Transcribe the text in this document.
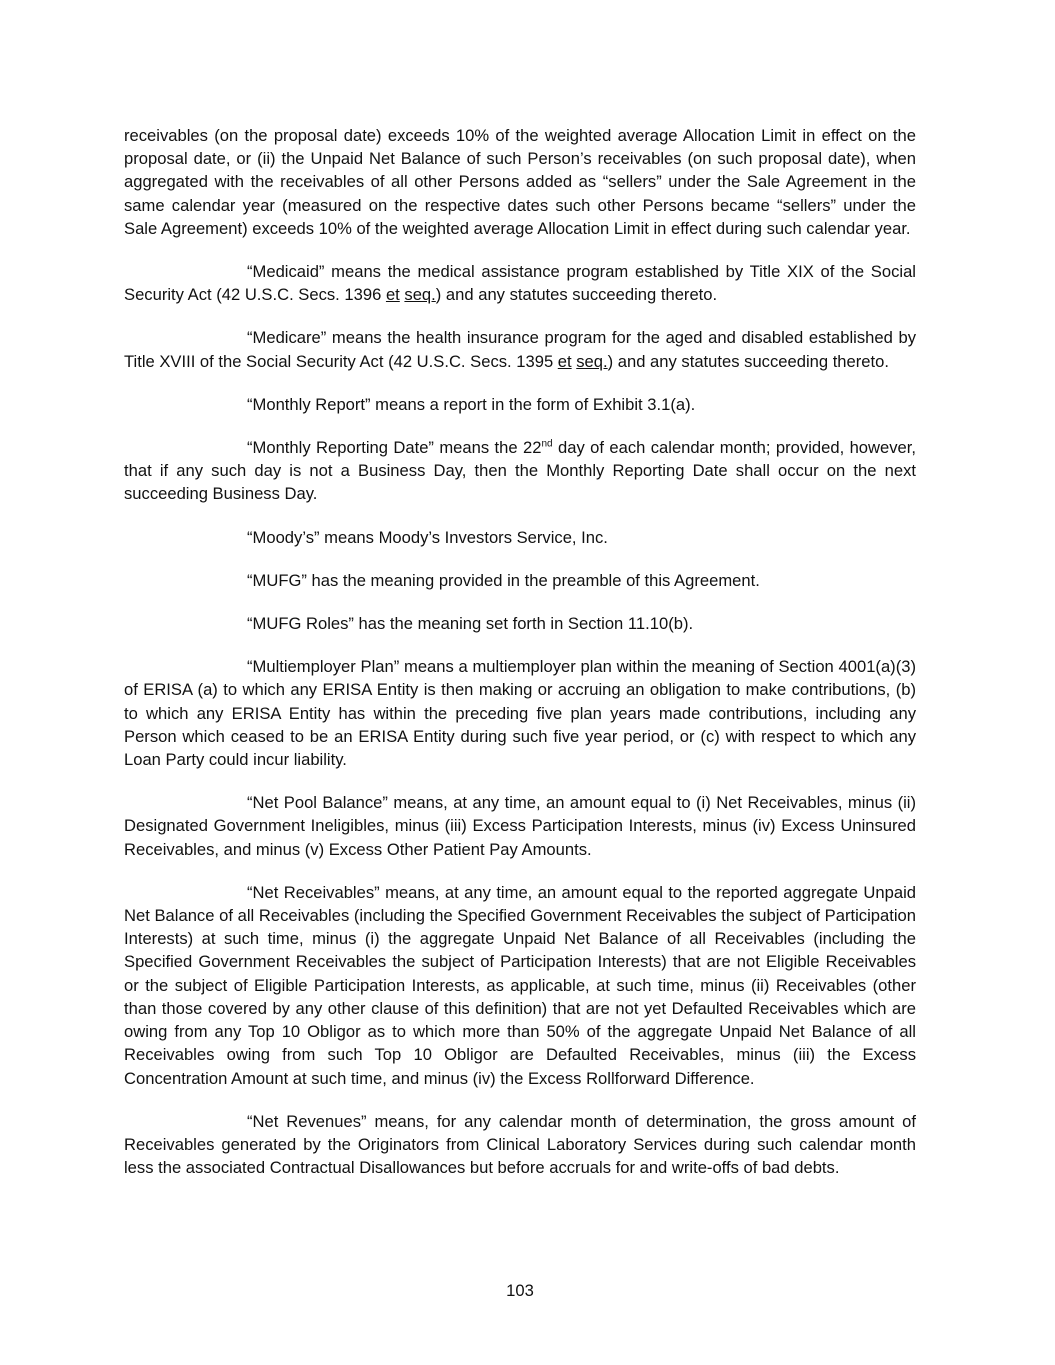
receivables (on the proposal date) exceeds 10% of the weighted average Allocation Limit in effect on the proposal date, or (ii) the Unpaid Net Balance of such Person’s receivables (on such proposal date), when aggregated with the receivables of all other Persons added as “sellers” under the Sale Agreement in the same calendar year (measured on the respective dates such other Persons became “sellers” under the Sale Agreement) exceeds 10% of the weighted average Allocation Limit in effect during such calendar year.

“Medicaid” means the medical assistance program established by Title XIX of the Social Security Act (42 U.S.C. Secs. 1396 et seq.) and any statutes succeeding thereto.

“Medicare” means the health insurance program for the aged and disabled established by Title XVIII of the Social Security Act (42 U.S.C. Secs. 1395 et seq.) and any statutes succeeding thereto.

“Monthly Report” means a report in the form of Exhibit 3.1(a).

“Monthly Reporting Date” means the 22nd day of each calendar month; provided, however, that if any such day is not a Business Day, then the Monthly Reporting Date shall occur on the next succeeding Business Day.

“Moody’s” means Moody’s Investors Service, Inc.

“MUFG” has the meaning provided in the preamble of this Agreement.

“MUFG Roles” has the meaning set forth in Section 11.10(b).

“Multiemployer Plan” means a multiemployer plan within the meaning of Section 4001(a)(3) of ERISA (a) to which any ERISA Entity is then making or accruing an obligation to make contributions, (b) to which any ERISA Entity has within the preceding five plan years made contributions, including any Person which ceased to be an ERISA Entity during such five year period, or (c) with respect to which any Loan Party could incur liability.

“Net Pool Balance” means, at any time, an amount equal to (i) Net Receivables, minus (ii) Designated Government Ineligibles, minus (iii) Excess Participation Interests, minus (iv) Excess Uninsured Receivables, and minus (v) Excess Other Patient Pay Amounts.

“Net Receivables” means, at any time, an amount equal to the reported aggregate Unpaid Net Balance of all Receivables (including the Specified Government Receivables the subject of Participation Interests) at such time, minus (i) the aggregate Unpaid Net Balance of all Receivables (including the Specified Government Receivables the subject of Participation Interests) that are not Eligible Receivables or the subject of Eligible Participation Interests, as applicable, at such time, minus (ii) Receivables (other than those covered by any other clause of this definition) that are not yet Defaulted Receivables which are owing from any Top 10 Obligor as to which more than 50% of the aggregate Unpaid Net Balance of all Receivables owing from such Top 10 Obligor are Defaulted Receivables, minus (iii) the Excess Concentration Amount at such time, and minus (iv) the Excess Rollforward Difference.

“Net Revenues” means, for any calendar month of determination, the gross amount of Receivables generated by the Originators from Clinical Laboratory Services during such calendar month less the associated Contractual Disallowances but before accruals for and write-offs of bad debts.

103
